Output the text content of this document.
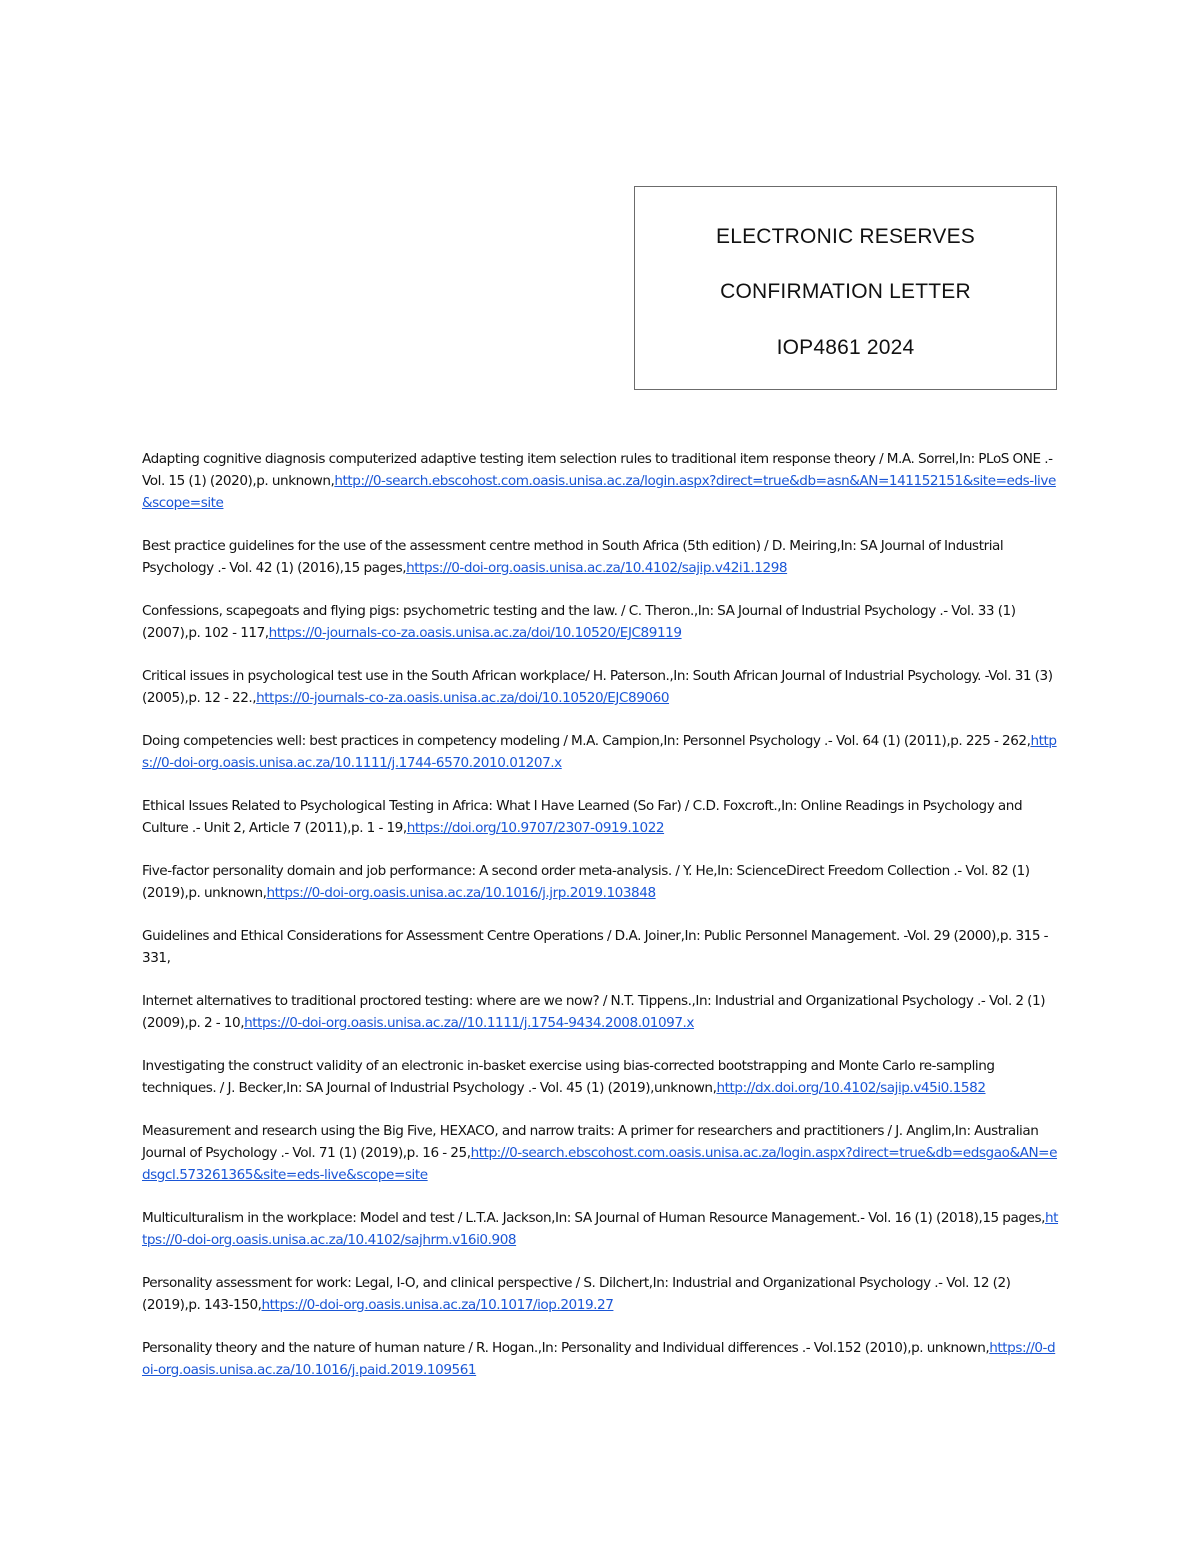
ELECTRONIC RESERVES
CONFIRMATION LETTER
IOP4861 2024

Adapting cognitive diagnosis computerized adaptive testing item selection rules to traditional item response theory / M.A. Sorrel,In: PLoS ONE .- Vol. 15 (1) (2020),p. unknown,http://0-search.ebscohost.com.oasis.unisa.ac.za/login.aspx?direct=true&db=asn&AN=141152151&site=eds-live&scope=site

Best practice guidelines for the use of the assessment centre method in South Africa (5th edition) / D. Meiring,In: SA Journal of Industrial Psychology .- Vol. 42 (1) (2016),15 pages,https://0-doi-org.oasis.unisa.ac.za/10.4102/sajip.v42i1.1298

Confessions, scapegoats and flying pigs: psychometric testing and the law. / C. Theron.,In: SA Journal of Industrial Psychology .- Vol. 33 (1) (2007),p. 102 - 117,https://0-journals-co-za.oasis.unisa.ac.za/doi/10.10520/EJC89119

Critical issues in psychological test use in the South African workplace/ H. Paterson.,In: South African Journal of Industrial Psychology. -Vol. 31 (3) (2005),p. 12 - 22.,https://0-journals-co-za.oasis.unisa.ac.za/doi/10.10520/EJC89060

Doing competencies well: best practices in competency modeling / M.A. Campion,In: Personnel Psychology .- Vol. 64 (1) (2011),p. 225 - 262,https://0-doi-org.oasis.unisa.ac.za/10.1111/j.1744-6570.2010.01207.x

Ethical Issues Related to Psychological Testing in Africa: What I Have Learned (So Far) / C.D. Foxcroft.,In: Online Readings in Psychology and Culture .- Unit 2, Article 7 (2011),p. 1 - 19,https://doi.org/10.9707/2307-0919.1022

Five-factor personality domain and job performance: A second order meta-analysis. / Y. He,In: ScienceDirect Freedom Collection .- Vol. 82 (1) (2019),p. unknown,https://0-doi-org.oasis.unisa.ac.za/10.1016/j.jrp.2019.103848

Guidelines and Ethical Considerations for Assessment Centre Operations / D.A. Joiner,In: Public Personnel Management. -Vol. 29 (2000),p. 315 - 331,

Internet alternatives to traditional proctored testing: where are we now? / N.T. Tippens.,In: Industrial and Organizational Psychology .- Vol. 2 (1) (2009),p. 2 - 10,https://0-doi-org.oasis.unisa.ac.za//10.1111/j.1754-9434.2008.01097.x

Investigating the construct validity of an electronic in-basket exercise using bias-corrected bootstrapping and Monte Carlo re-sampling techniques. / J. Becker,In: SA Journal of Industrial Psychology .- Vol. 45 (1) (2019),unknown,http://dx.doi.org/10.4102/sajip.v45i0.1582

Measurement and research using the Big Five, HEXACO, and narrow traits: A primer for researchers and practitioners / J. Anglim,In: Australian Journal of Psychology .- Vol. 71 (1) (2019),p. 16 - 25,http://0-search.ebscohost.com.oasis.unisa.ac.za/login.aspx?direct=true&db=edsgao&AN=edsgcl.573261365&site=eds-live&scope=site

Multiculturalism in the workplace: Model and test / L.T.A. Jackson,In: SA Journal of Human Resource Management.- Vol. 16 (1) (2018),15 pages,https://0-doi-org.oasis.unisa.ac.za/10.4102/sajhrm.v16i0.908

Personality assessment for work: Legal, I-O, and clinical perspective / S. Dilchert,In: Industrial and Organizational Psychology .- Vol. 12 (2) (2019),p. 143-150,https://0-doi-org.oasis.unisa.ac.za/10.1017/iop.2019.27

Personality theory and the nature of human nature / R. Hogan.,In: Personality and Individual differences .- Vol.152 (2010),p. unknown,https://0-doi-org.oasis.unisa.ac.za/10.1016/j.paid.2019.109561
